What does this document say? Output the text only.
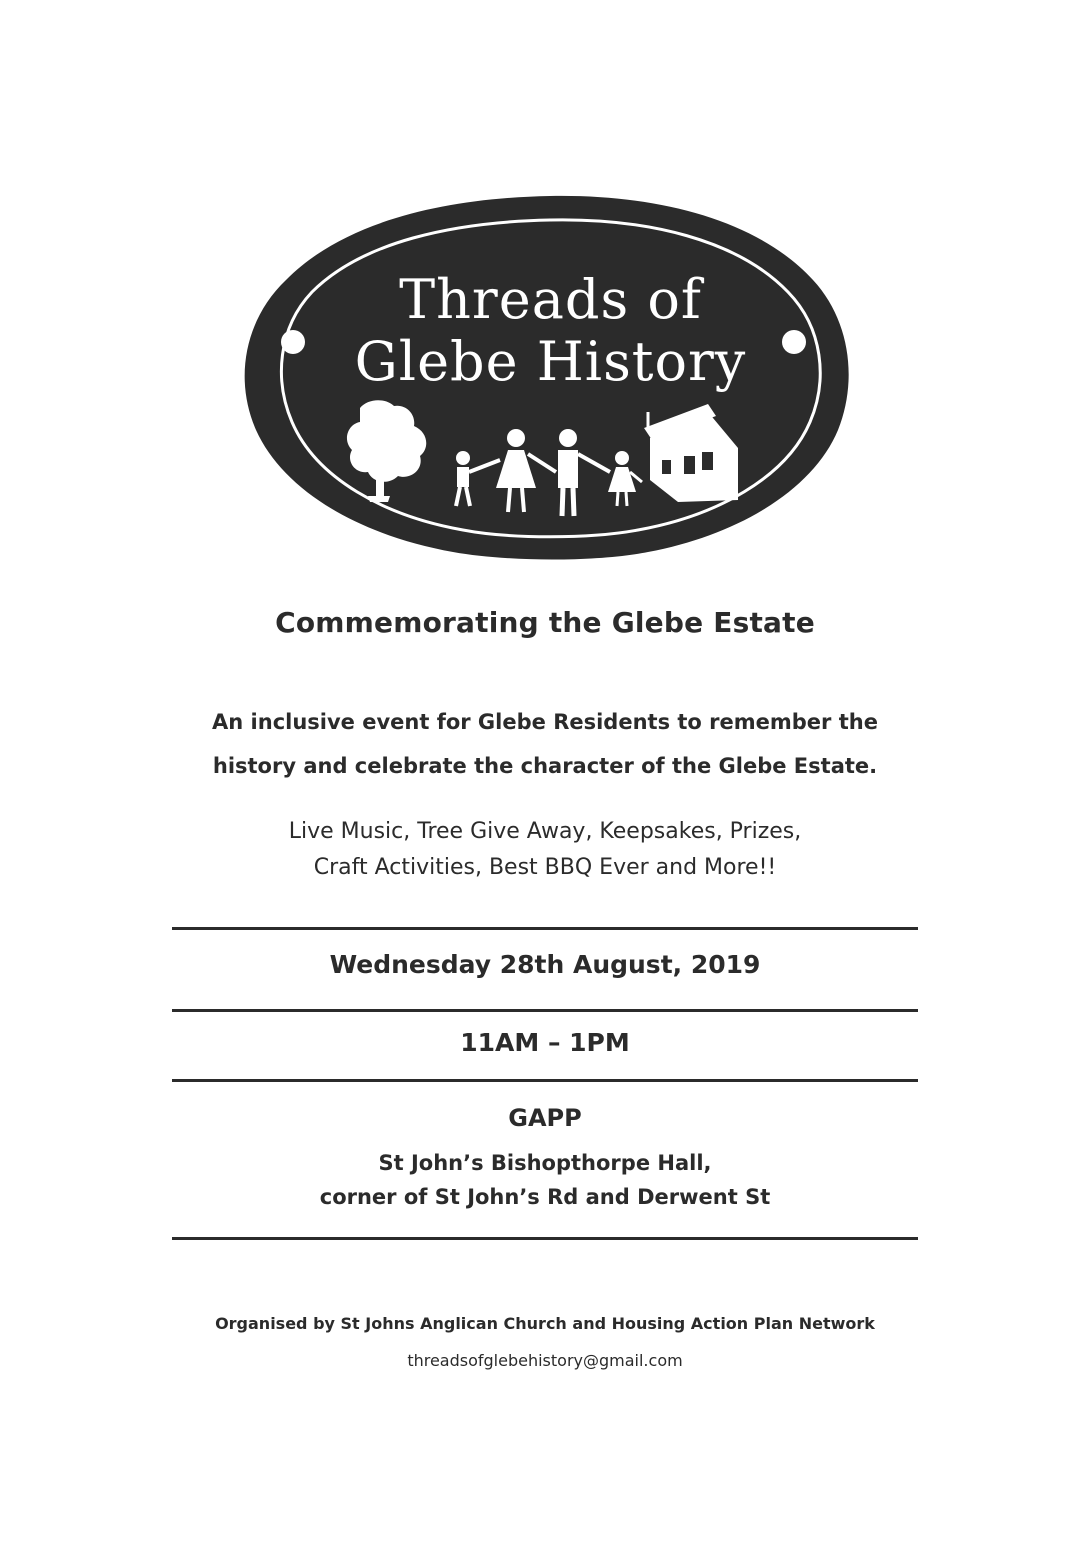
Threads of
Glebe History
Commemorating the Glebe Estate
An inclusive event for Glebe Residents to remember the
history and celebrate the character of the Glebe Estate.
Live Music, Tree Give Away, Keepsakes, Prizes,
Craft Activities, Best BBQ Ever and More!!
Wednesday 28th August, 2019
11AM – 1PM
GAPP
St John’s Bishopthorpe Hall,
corner of St John’s Rd and Derwent St
Organised by St Johns Anglican Church and Housing Action Plan Network
threadsofglebehistory@gmail.com
